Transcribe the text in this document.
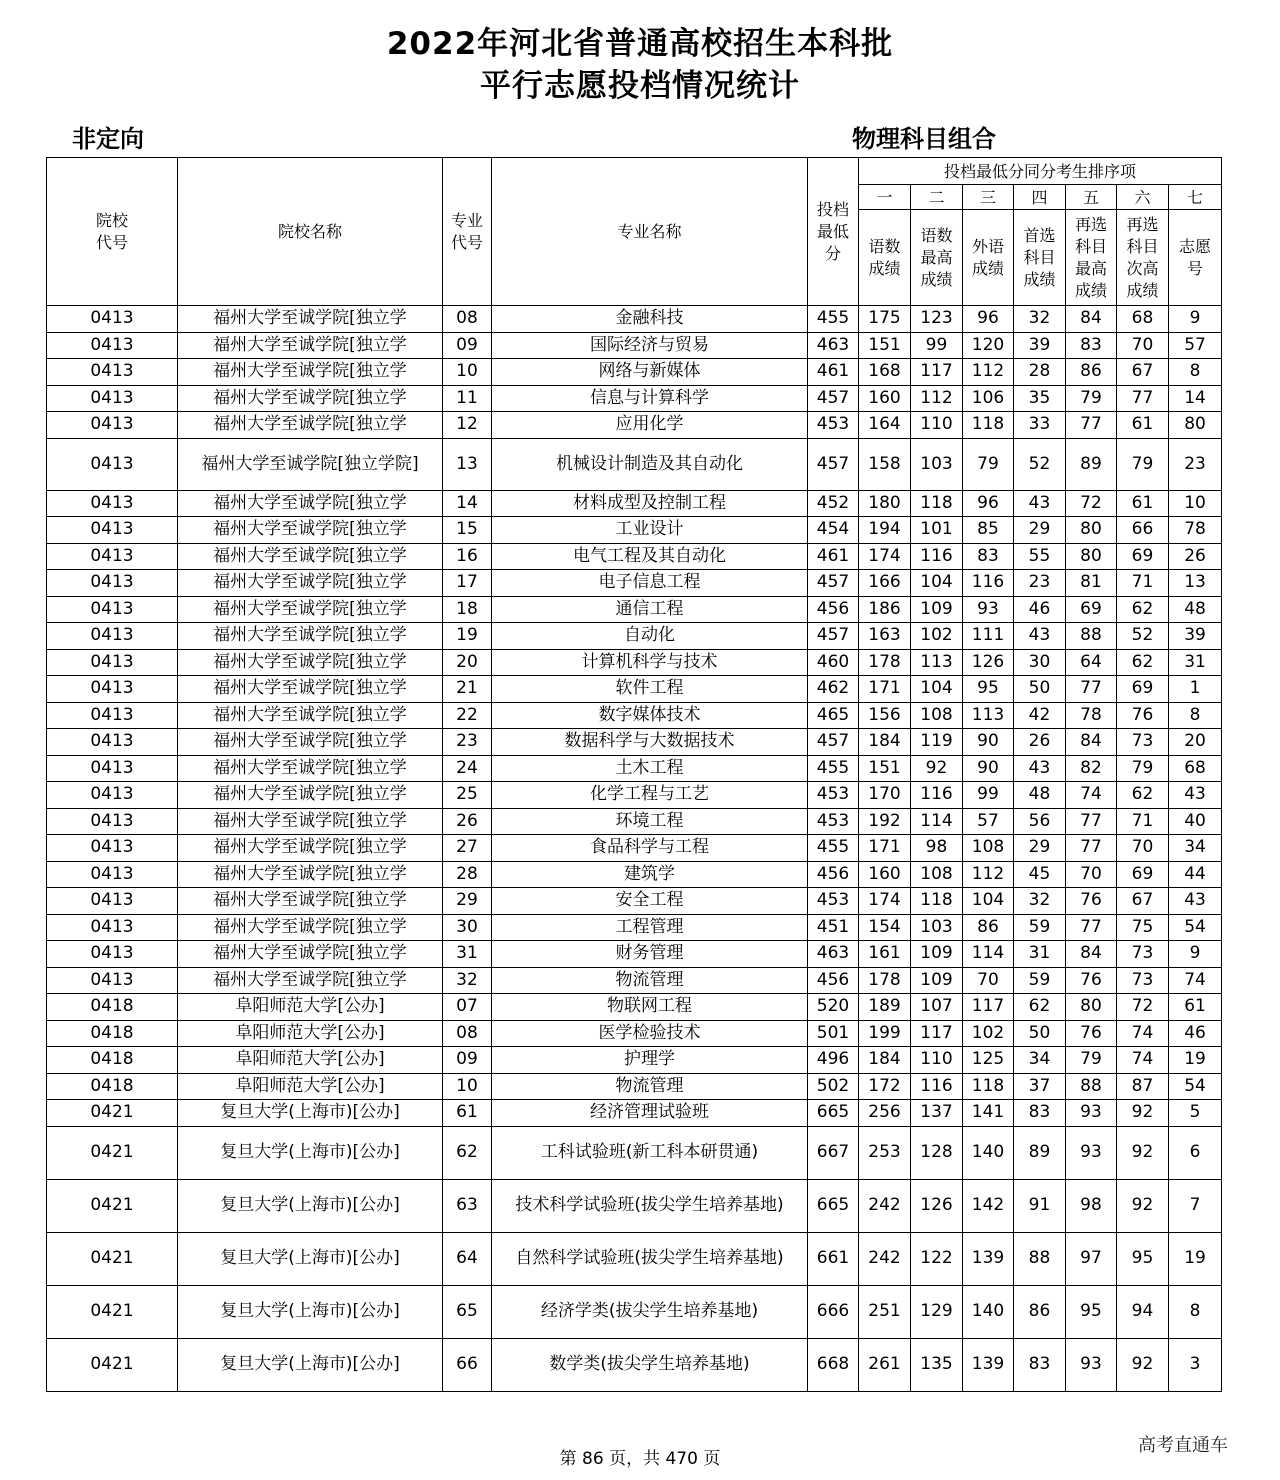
2022年河北省普通高校招生本科批
平行志愿投档情况统计
非定向	物理科目组合
院校代号	院校名称	专业代号	专业名称	投档最低分	投档最低分同分考生排序项						
					一	二	三	四	五	六	七
					语数成绩	语数最高成绩	外语成绩	首选科目成绩	再选科目最高成绩	再选科目次高成绩	志愿号
0413	福州大学至诚学院[独立学	08	金融科技	455	175	123	96	32	84	68	9
0413	福州大学至诚学院[独立学	09	国际经济与贸易	463	151	99	120	39	83	70	57
0413	福州大学至诚学院[独立学	10	网络与新媒体	461	168	117	112	28	86	67	8
0413	福州大学至诚学院[独立学	11	信息与计算科学	457	160	112	106	35	79	77	14
0413	福州大学至诚学院[独立学	12	应用化学	453	164	110	118	33	77	61	80
0413	福州大学至诚学院[独立学院]	13	机械设计制造及其自动化	457	158	103	79	52	89	79	23
0413	福州大学至诚学院[独立学	14	材料成型及控制工程	452	180	118	96	43	72	61	10
0413	福州大学至诚学院[独立学	15	工业设计	454	194	101	85	29	80	66	78
0413	福州大学至诚学院[独立学	16	电气工程及其自动化	461	174	116	83	55	80	69	26
0413	福州大学至诚学院[独立学	17	电子信息工程	457	166	104	116	23	81	71	13
0413	福州大学至诚学院[独立学	18	通信工程	456	186	109	93	46	69	62	48
0413	福州大学至诚学院[独立学	19	自动化	457	163	102	111	43	88	52	39
0413	福州大学至诚学院[独立学	20	计算机科学与技术	460	178	113	126	30	64	62	31
0413	福州大学至诚学院[独立学	21	软件工程	462	171	104	95	50	77	69	1
0413	福州大学至诚学院[独立学	22	数字媒体技术	465	156	108	113	42	78	76	8
0413	福州大学至诚学院[独立学	23	数据科学与大数据技术	457	184	119	90	26	84	73	20
0413	福州大学至诚学院[独立学	24	土木工程	455	151	92	90	43	82	79	68
0413	福州大学至诚学院[独立学	25	化学工程与工艺	453	170	116	99	48	74	62	43
0413	福州大学至诚学院[独立学	26	环境工程	453	192	114	57	56	77	71	40
0413	福州大学至诚学院[独立学	27	食品科学与工程	455	171	98	108	29	77	70	34
0413	福州大学至诚学院[独立学	28	建筑学	456	160	108	112	45	70	69	44
0413	福州大学至诚学院[独立学	29	安全工程	453	174	118	104	32	76	67	43
0413	福州大学至诚学院[独立学	30	工程管理	451	154	103	86	59	77	75	54
0413	福州大学至诚学院[独立学	31	财务管理	463	161	109	114	31	84	73	9
0413	福州大学至诚学院[独立学	32	物流管理	456	178	109	70	59	76	73	74
0418	阜阳师范大学[公办]	07	物联网工程	520	189	107	117	62	80	72	61
0418	阜阳师范大学[公办]	08	医学检验技术	501	199	117	102	50	76	74	46
0418	阜阳师范大学[公办]	09	护理学	496	184	110	125	34	79	74	19
0418	阜阳师范大学[公办]	10	物流管理	502	172	116	118	37	88	87	54
0421	复旦大学(上海市)[公办]	61	经济管理试验班	665	256	137	141	83	93	92	5
0421	复旦大学(上海市)[公办]	62	工科试验班(新工科本研贯通)	667	253	128	140	89	93	92	6
0421	复旦大学(上海市)[公办]	63	技术科学试验班(拔尖学生培养基地)	665	242	126	142	91	98	92	7
0421	复旦大学(上海市)[公办]	64	自然科学试验班(拔尖学生培养基地)	661	242	122	139	88	97	95	19
0421	复旦大学(上海市)[公办]	65	经济学类(拔尖学生培养基地)	666	251	129	140	86	95	94	8
0421	复旦大学(上海市)[公办]	66	数学类(拔尖学生培养基地)	668	261	135	139	83	93	92	3
第 86 页，共 470 页
高考直通车
